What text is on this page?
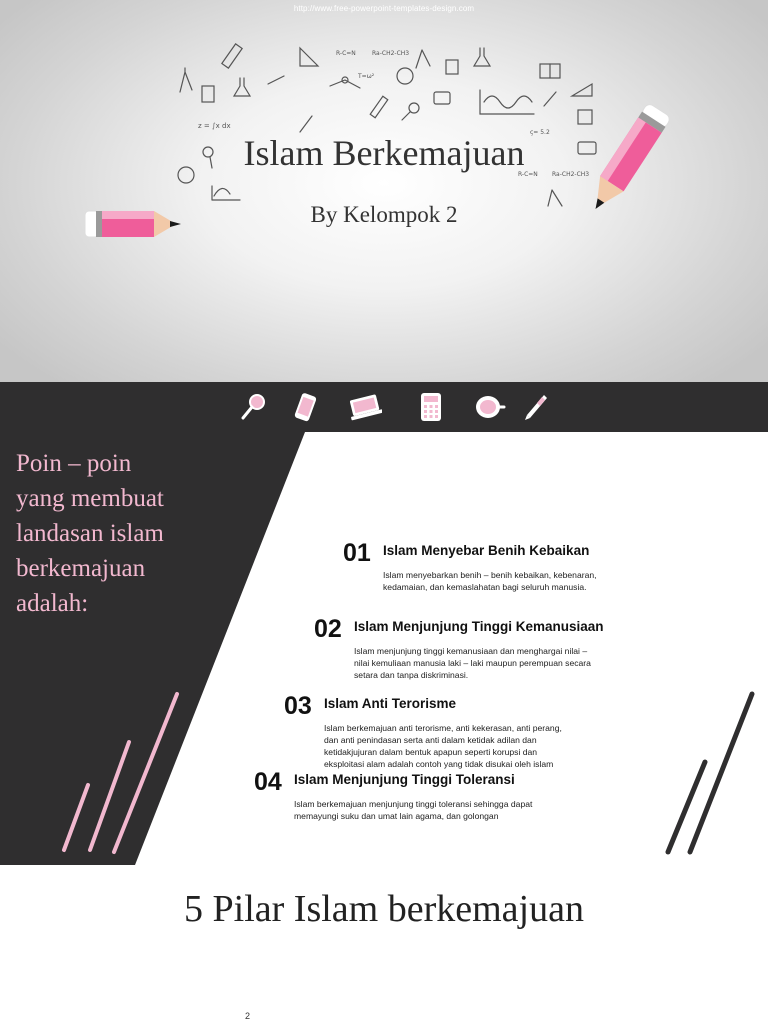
http://www.free-powerpoint-templates-design.com
R-C=N	Ra-CH2-CH3
T=ω²
z = ∫x dx
ç= 5.2
R-C=N Ra-CH2-CH3
Islam Berkemajuan
By Kelompok 2
Poin – poin
yang membuat
landasan islam
berkemajuan
adalah:
01 Islam Menyebar Benih Kebaikan
Islam menyebarkan benih – benih kebaikan, kebenaran,
kedamaian, dan kemaslahatan bagi seluruh manusia.
02 Islam Menjunjung Tinggi Kemanusiaan
Islam menjunjung tinggi kemanusiaan dan menghargai nilai –
nilai kemuliaan manusia laki – laki maupun perempuan secara
setara dan tanpa diskriminasi.
03 Islam Anti Terorisme
Islam berkemajuan anti terorisme, anti kekerasan, anti perang,
dan anti penindasan serta anti dalam ketidak adilan dan
ketidakjujuran dalam bentuk apapun seperti korupsi dan
eksploitasi alam adalah contoh yang tidak disukai oleh islam
04 Islam Menjunjung Tinggi Toleransi
Islam berkemajuan menjunjung tinggi toleransi sehingga dapat
memayungi suku dan umat lain agama, dan golongan
5 Pilar Islam berkemajuan
2
